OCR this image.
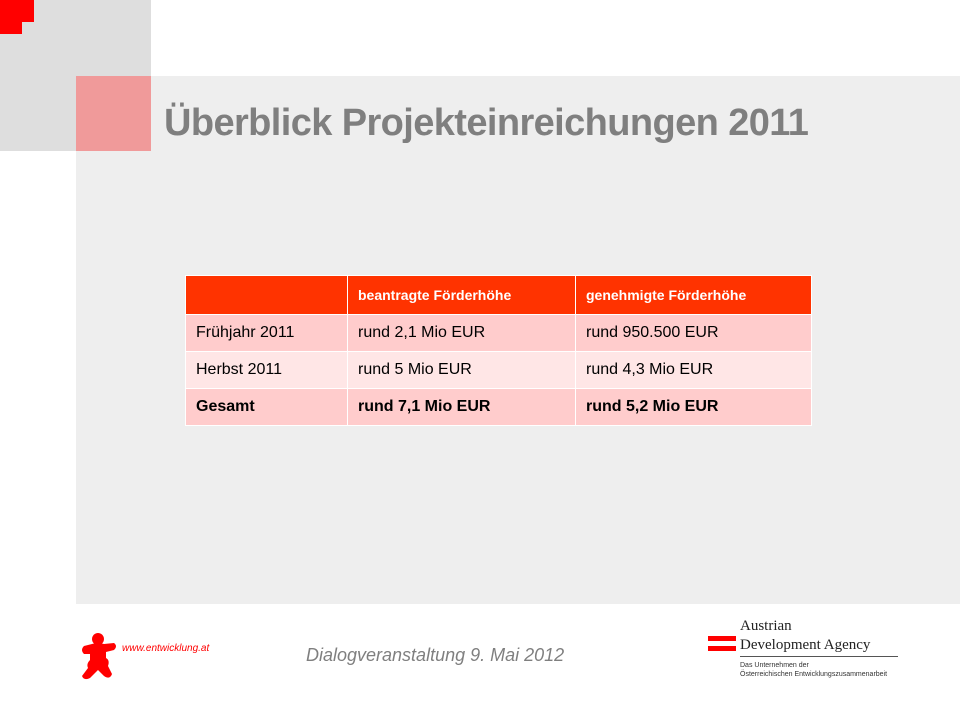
Überblick Projekteinreichungen 2011
	beantragte Förderhöhe	genehmigte Förderhöhe
Frühjahr 2011	rund 2,1 Mio EUR	rund 950.500 EUR
Herbst 2011	rund 5 Mio EUR	rund 4,3 Mio EUR
Gesamt	rund 7,1 Mio EUR	rund 5,2 Mio EUR
www.entwicklung.at	Dialogveranstaltung 9. Mai 2012
Austrian
Development Agency
Das Unternehmen der
Österreichischen Entwicklungszusammenarbeit
